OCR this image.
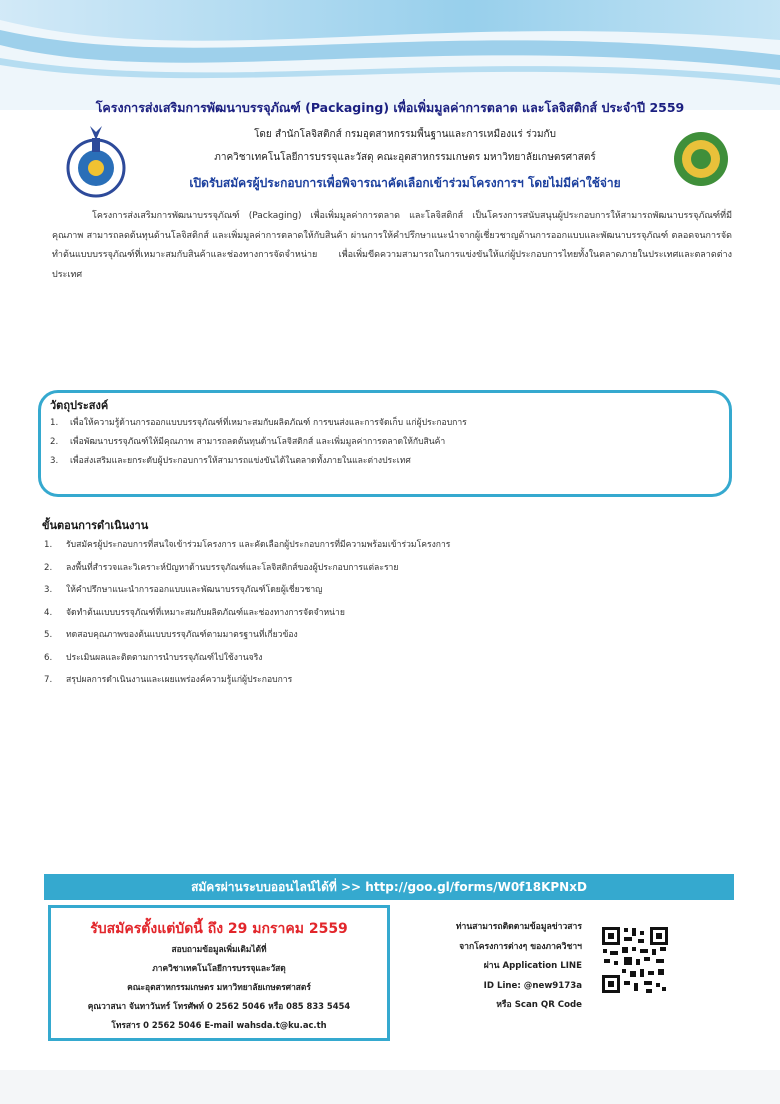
โครงการส่งเสริมการพัฒนาบรรจุภัณฑ์ (Packaging) เพื่อเพิ่มมูลค่าการตลาด และโลจิสติกส์ ประจำปี 2559
โดย สำนักโลจิสติกส์ กรมอุตสาหกรรมพื้นฐานและการเหมืองแร่ ร่วมกับ
ภาควิชาเทคโนโลยีการบรรจุและวัสดุ คณะอุตสาหกรรมเกษตร มหาวิทยาลัยเกษตรศาสตร์
เปิดรับสมัครผู้ประกอบการเพื่อพิจารณาคัดเลือกเข้าร่วมโครงการฯ โดยไม่มีค่าใช้จ่าย
โครงการส่งเสริมการพัฒนาบรรจุภัณฑ์ (Packaging) เพื่อเพิ่มมูลค่าการตลาด และโลจิสติกส์ เป็นโครงการสนับสนุนผู้ประกอบการให้สามารถพัฒนาบรรจุภัณฑ์ที่มีคุณภาพ สามารถลดต้นทุนด้านโลจิสติกส์ และเพิ่มมูลค่าการตลาดให้กับสินค้า ผ่านการให้คำปรึกษาแนะนำจากผู้เชี่ยวชาญด้านการออกแบบและพัฒนาบรรจุภัณฑ์ ตลอดจนการจัดทำต้นแบบบรรจุภัณฑ์ที่เหมาะสมกับสินค้าและช่องทางการจัดจำหน่าย เพื่อเพิ่มขีดความสามารถในการแข่งขันให้แก่ผู้ประกอบการไทยทั้งในตลาดภายในประเทศและตลาดต่างประเทศ
วัตถุประสงค์
1. เพื่อให้ความรู้ด้านการออกแบบบรรจุภัณฑ์ที่เหมาะสมกับผลิตภัณฑ์ การขนส่งและการจัดเก็บ แก่ผู้ประกอบการ
2. เพื่อพัฒนาบรรจุภัณฑ์ให้มีคุณภาพ สามารถลดต้นทุนด้านโลจิสติกส์ และเพิ่มมูลค่าการตลาดให้กับสินค้า
3. เพื่อส่งเสริมและยกระดับผู้ประกอบการให้สามารถแข่งขันได้ในตลาดทั้งภายในและต่างประเทศ
ขั้นตอนการดำเนินงาน
1. รับสมัครผู้ประกอบการที่สนใจเข้าร่วมโครงการ และคัดเลือกผู้ประกอบการที่มีความพร้อมเข้าร่วมโครงการ
2. ลงพื้นที่สำรวจและวิเคราะห์ปัญหาด้านบรรจุภัณฑ์และโลจิสติกส์ของผู้ประกอบการแต่ละราย
3. ให้คำปรึกษาแนะนำการออกแบบและพัฒนาบรรจุภัณฑ์โดยผู้เชี่ยวชาญ
4. จัดทำต้นแบบบรรจุภัณฑ์ที่เหมาะสมกับผลิตภัณฑ์และช่องทางการจัดจำหน่าย
5. ทดสอบคุณภาพของต้นแบบบรรจุภัณฑ์ตามมาตรฐานที่เกี่ยวข้อง
6. ประเมินผลและติดตามการนำบรรจุภัณฑ์ไปใช้งานจริง
7. สรุปผลการดำเนินงานและเผยแพร่องค์ความรู้แก่ผู้ประกอบการ
สมัครผ่านระบบออนไลน์ได้ที่ >> http://goo.gl/forms/W0f18KPNxD
รับสมัครตั้งแต่บัดนี้ ถึง 29 มกราคม 2559
สอบถามข้อมูลเพิ่มเติมได้ที่
ภาควิชาเทคโนโลยีการบรรจุและวัสดุ
คณะอุตสาหกรรมเกษตร มหาวิทยาลัยเกษตรศาสตร์
คุณวาสนา จันทาวันทร์ โทรศัพท์ 0 2562 5046 หรือ 085 833 5454
โทรสาร 0 2562 5046 E-mail wahsda.t@ku.ac.th
ท่านสามารถติดตามข้อมูลข่าวสาร
จากโครงการต่างๆ ของภาควิชาฯ
ผ่าน Application LINE
ID Line: @new9173a
หรือ Scan QR Code
